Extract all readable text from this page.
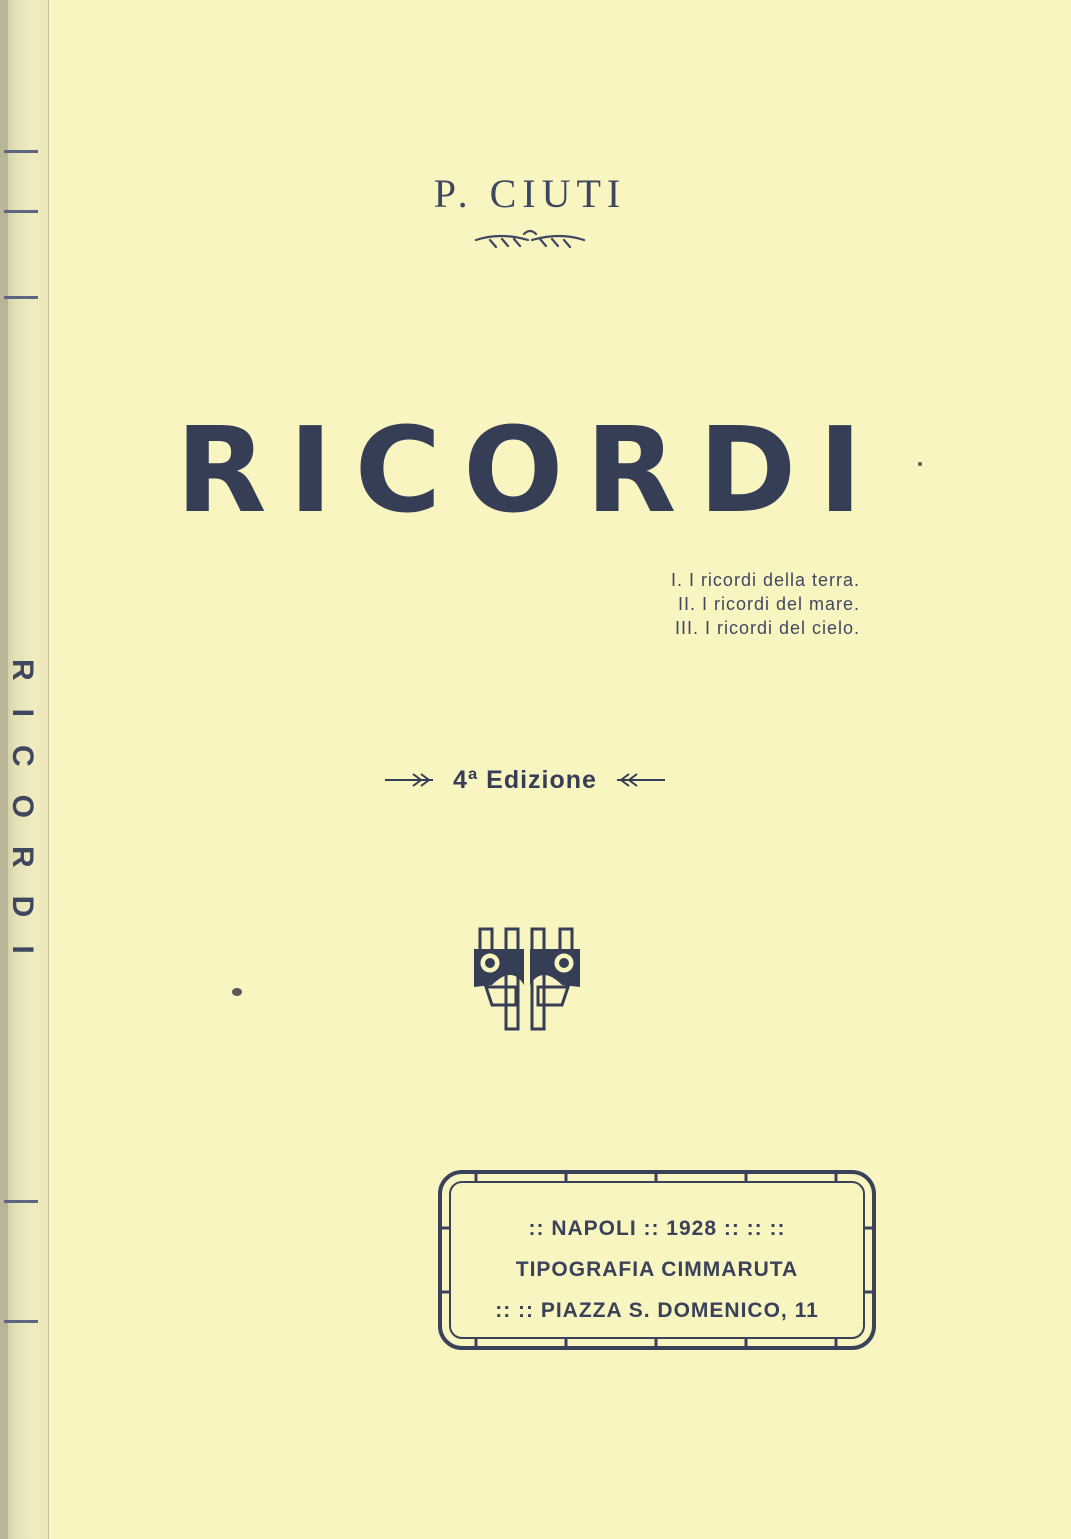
RICORDI
P. CIUTI
RICORDI
I. I ricordi della terra.
II. I ricordi del mare.
III. I ricordi del cielo.
4ª Edizione
:: NAPOLI :: 1928 :: :: ::
TIPOGRAFIA CIMMARUTA
:: :: PIAZZA S. DOMENICO, 11
